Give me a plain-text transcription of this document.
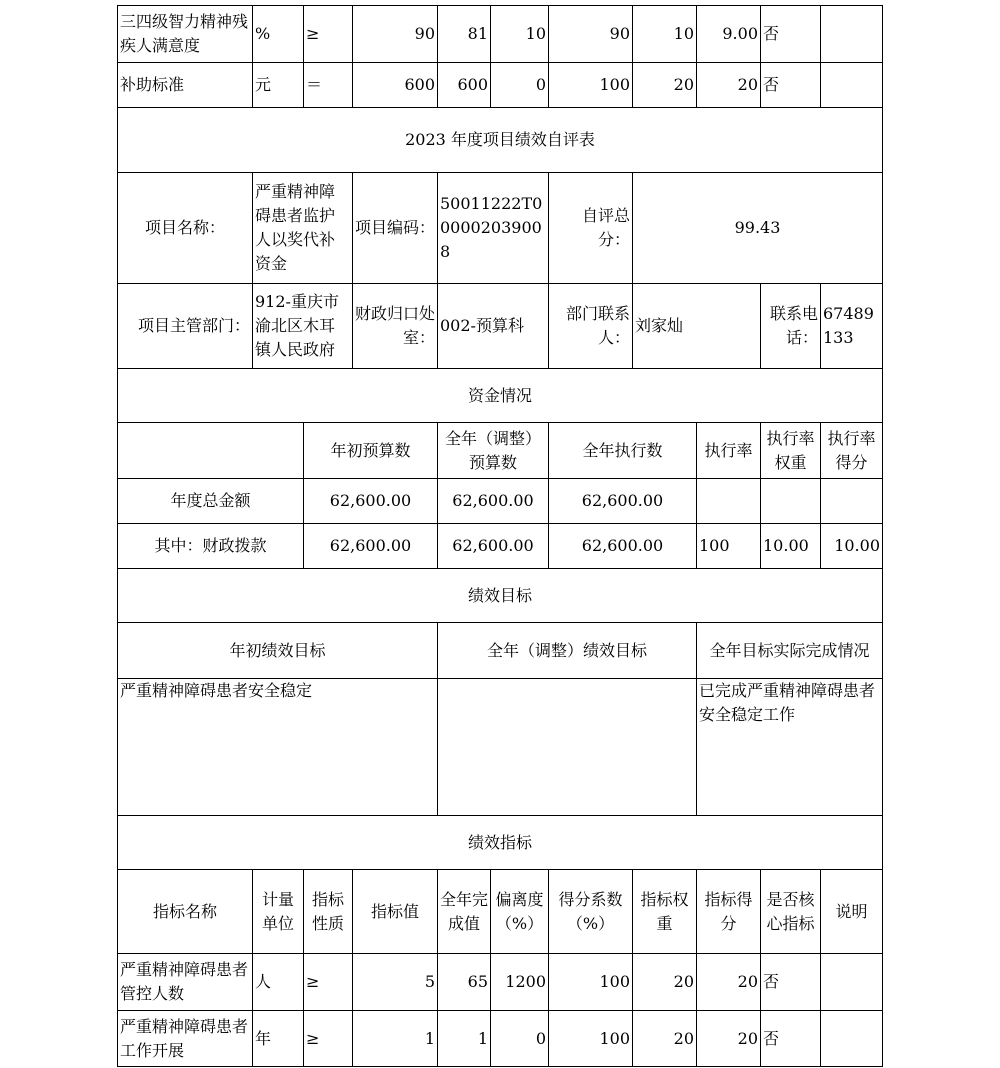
三四级智力精神残疾人满意度	%	≥	90	81	10	90	10	9.00	否	
补助标准	元	＝	600	600	0	100	20	20	否	
2023 年度项目绩效自评表										
项目名称：	严重精神障碍患者监护人以奖代补资金		项目编码：	50011222T000002039008		自评总分：	99.43			
项目主管部门：	912-重庆市渝北区木耳镇人民政府		财政归口处室：	002-预算科		部门联系人：	刘家灿		联系电话：	67489133
资金情况										
		年初预算数		全年（调整）预算数		全年执行数		执行率	执行率权重	执行率得分
年度总金额		62,600.00		62,600.00		62,600.00				
其中：财政拨款		62,600.00		62,600.00		62,600.00		100	10.00	10.00
绩效目标										
年初绩效目标				全年（调整）绩效目标				全年目标实际完成情况		
严重精神障碍患者安全稳定								已完成严重精神障碍患者安全稳定工作		
绩效指标										
指标名称	计量单位	指标性质	指标值	全年完成值	偏离度（%）	得分系数（%）	指标权重	指标得分	是否核心指标	说明
严重精神障碍患者管控人数	人	≥	5	65	1200	100	20	20	否	
严重精神障碍患者工作开展	年	≥	1	1	0	100	20	20	否	
